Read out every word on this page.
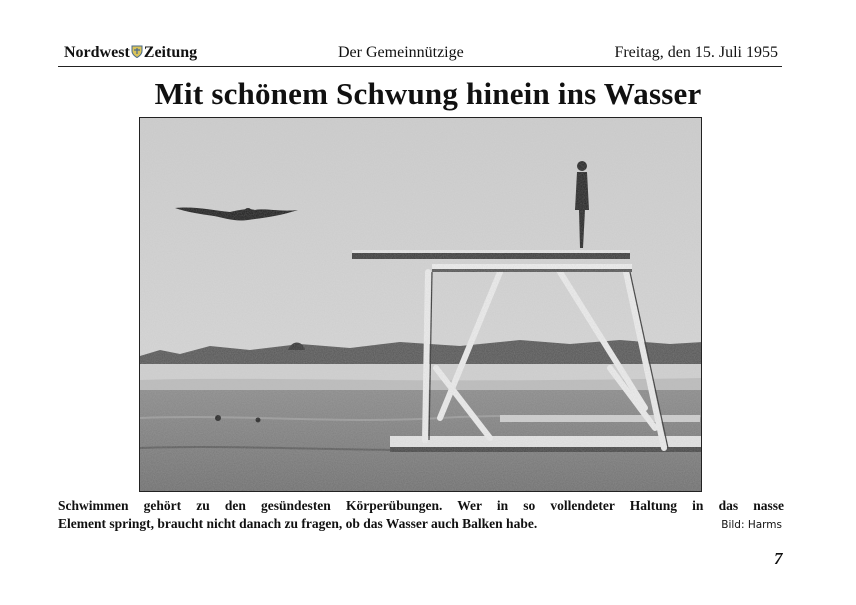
Nordwest Zeitung	Der Gemeinnützige	Freitag, den 15. Juli 1955
Mit schönem Schwung hinein ins Wasser
Schwimmen gehört zu den gesündesten Körperübungen. Wer in so vollendeter Haltung in das nasse
Element springt, braucht nicht danach zu fragen, ob das Wasser auch Balken habe.	Bild: Harms
7
